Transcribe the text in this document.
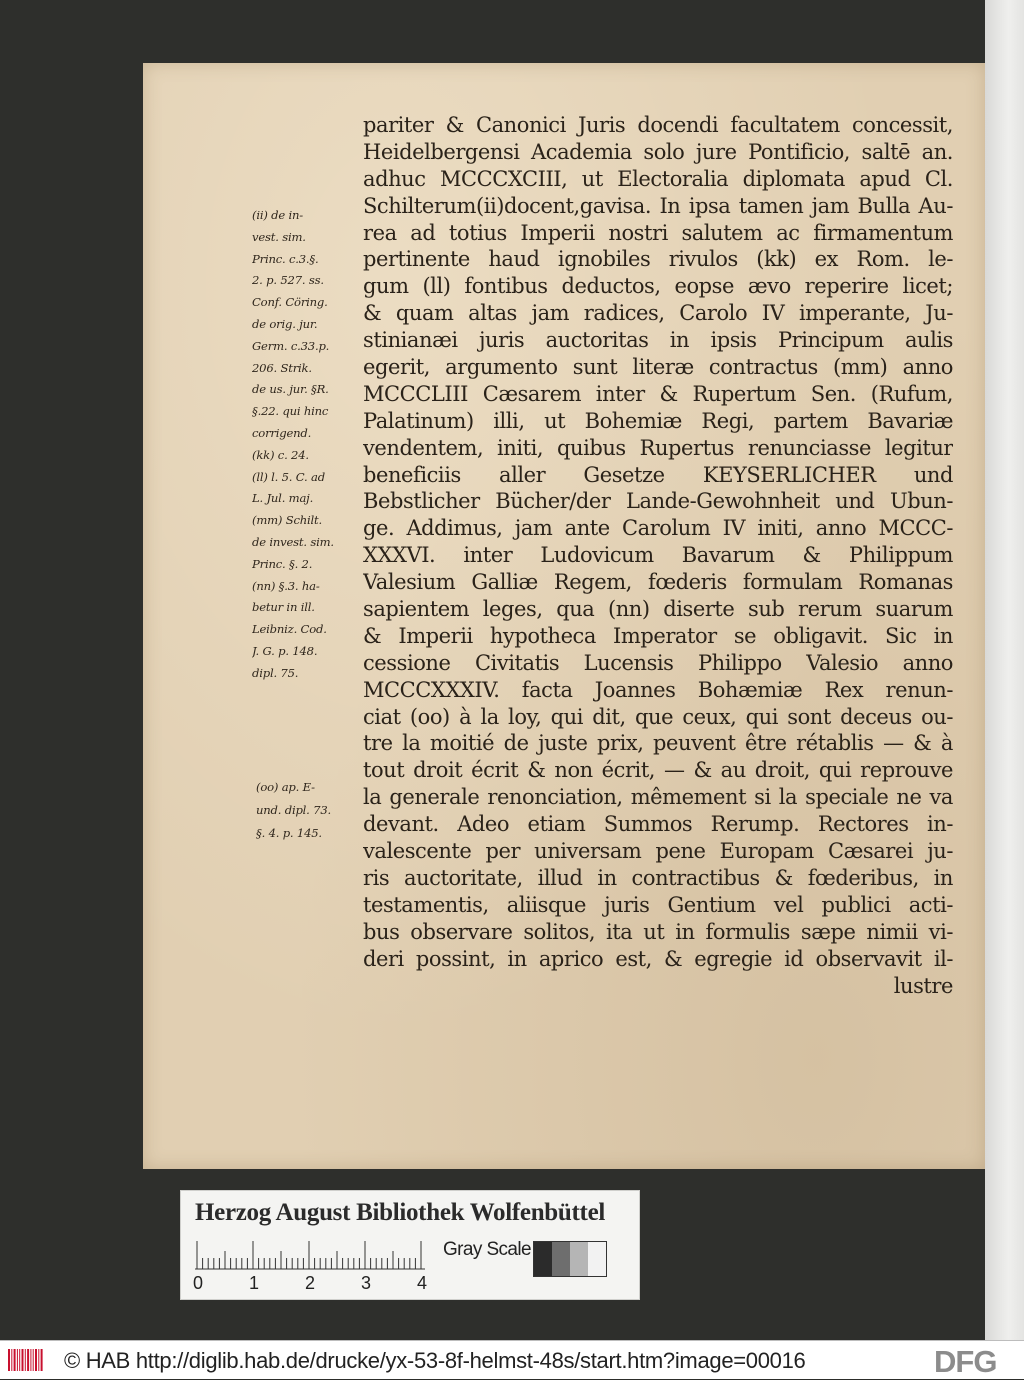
pariter & Canonici Juris docendi facultatem concessit,
Heidelbergensi Academia solo jure Pontificio, saltē an.
adhuc MCCCXCIII, ut Electoralia diplomata apud Cl.
Schilterum(ii)docent,gavisa. In ipsa tamen jam Bulla Au-
rea ad totius Imperii nostri salutem ac firmamentum
pertinente haud ignobiles rivulos (kk) ex Rom. le-
gum (ll) fontibus deductos, eopse ævo reperire licet;
& quam altas jam radices, Carolo IV imperante, Ju-
stinianæi juris auctoritas in ipsis Principum aulis
egerit, argumento sunt literæ contractus (mm) anno
MCCCLIII Cæsarem inter & Rupertum Sen. (Rufum,
Palatinum) illi, ut Bohemiæ Regi, partem Bavariæ
vendentem, initi, quibus Rupertus renunciasse legitur
beneficiis aller Gesetze KEYSERLICHER und
Bebstlicher Bücher/der Lande-Gewohnheit und Ubun-
ge. Addimus, jam ante Carolum IV initi, anno MCCC-
XXXVI. inter Ludovicum Bavarum & Philippum
Valesium Galliæ Regem, fœderis formulam Romanas
sapientem leges, qua (nn) diserte sub rerum suarum
& Imperii hypotheca Imperator se obligavit. Sic in
cessione Civitatis Lucensis Philippo Valesio anno
MCCCXXXIV. facta Joannes Bohæmiæ Rex renun-
ciat (oo) à la loy, qui dit, que ceux, qui sont deceus ou-
tre la moitié de juste prix, peuvent être rétablis — & à
tout droit écrit & non écrit, — & au droit, qui reprouve
la generale renonciation, mêmement si la speciale ne va
devant. Adeo etiam Summos Rerump. Rectores in-
valescente per universam pene Europam Cæsarei ju-
ris auctoritate, illud in contractibus & fœderibus, in
testamentis, aliisque juris Gentium vel publici acti-
bus observare solitos, ita ut in formulis sæpe nimii vi-
deri possint, in aprico est, & egregie id observavit il-
lustre
(ii) de in-
vest. sim.
Princ. c.3.§.
2. p. 527. ss.
Conf. Cöring.
de orig. jur.
Germ. c.33.p.
206. Strik.
de us. jur. §R.
§.22. qui hinc
corrigend.
(kk) c. 24.
(ll) l. 5. C. ad
L. Jul. maj.
(mm) Schilt.
de invest. sim.
Princ. §. 2.
(nn) §.3. ha-
betur in ill.
Leibniz. Cod.
J. G. p. 148.
dipl. 75.
(oo) ap. E-
und. dipl. 73.
§. 4. p. 145.
Herzog August Bibliothek Wolfenbüttel
0	1	2	3	4
Gray Scale
© HAB http://diglib.hab.de/drucke/yx-53-8f-helmst-48s/start.htm?image=00016	DFG
